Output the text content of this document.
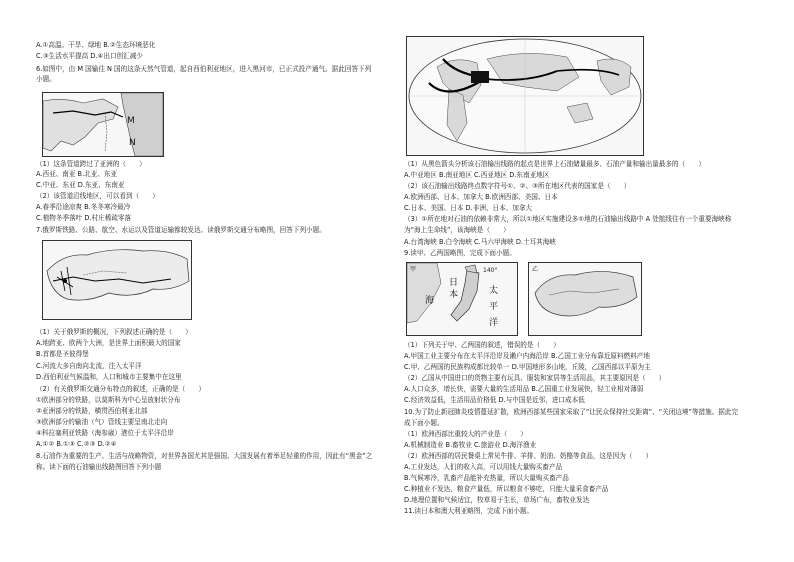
A.①高温、干旱、绿地 B.②生态环境恶化
C.③生活水平提高 D.④出口创汇减少
6.如图中，由 M 国输往 N 国的这条天然气管道，起自西伯利亚地区，进入黑河市，已正式投产通气。据此回答下列
小题。
M
N
（1）这条管道跨过了亚洲的（　　）
A.西亚、南亚 B.北亚、东亚
C.中亚、东亚 D.东亚、东南亚
（2）该管道沿线地区，可以看到（　　）
A.春季沿途凉爽 B.冬冬寒冷最冷
C.植物冬季落叶 D.村庄稀疏零落
7.俄罗斯铁路、公路、航空、水运以及管道运输都较发达。读俄罗斯交通分布略图，回答下列小题。
（1）关于俄罗斯的概况，下列叙述正确的是（　　）
A.地跨亚、欧两个大洲，是世界上面积最大的国家
B.首都是圣彼得堡
C.河流大多自南向北流，注入太平洋
D.西伯利亚气候温和，人口和城市主要集中在这里
（2）有关俄罗斯交通分布特点的叙述，正确的是（　　）
①欧洲部分的铁路，以莫斯科为中心呈放射状分布
②亚洲部分的铁路，横贯西伯利亚北部
③欧洲部分的输油（气）管线主要呈南北走向
④科拉塞利亚铁路（海参崴）港位于太平洋沿岸
A.①② B.①③ C.②③ D.②④
8.石油作为重要的生产、生活与战略物资，对世界各国尤其是强国、大国发展有着举足轻重的作用，因此有“黑金”之
称。读下面的石油输出线路图回答下列小题
（1）从黑色箭头分析该石油输出线路的起点是世界上石油储量最多、石油产量和输出量最多的（　　）
A.中亚地区 B.南亚地区 C.西亚地区 D.东南亚地区
（2）该石油输出线路终点数字符号①、②、③所在地区代表的国家是（　　）
A.欧洲西部、日本、加拿大 B.欧洲西部、美国、日本
C.日本、美国、日本 D.非洲、日本、加拿大
（3）①所在地对石油的依赖非常大，所以①地区实施建设多①地的石油输出线路中 A 处航线往有一个重要海峡称
为“海上生命线”，该海峡是（　　）
A.台湾海峡 B.白令海峡 C.马六甲海峡 D.土耳其海峡
9.读甲、乙两国略图，完成下面小题。
甲	140°
日
本
海
太
平
洋
乙
（1）下列关于甲、乙两国的叙述，错误的是（　　）
A.甲国工业主要分布在太平洋沿岸及濑户内海沿岸 B.乙国工业分布靠近原料燃料产地
C.甲、乙两国的民族构成都比较单一 D.甲国地形多山地，丘陵，乙国西部以平原为主
（2）乙国从中国进口的货物主要有玩具、服装和家居等生活用品，其主要原因是（　　）
A.人口众多，增长快，需要大量的生活用品 B.乙国重工业发展快，轻工业相对薄弱
C.经济效益低，生活用品价格低 D.与中国是近邻，进口成本低
10.为了防止新冠肺炎疫情蔓延扩散，欧洲西部某些国家采取了“让民众保持社交距离”、“关闭边境”等措施。据此完
成下面小题。
（1）欧洲西部比重较大的产业是（　　）
A.机械制造业 B.畜牧业 C.旅游业 D.海洋渔业
（2）欧洲西部的居民餐桌上常见牛排、羊排、奶油、奶酪等食品，这是因为（　　）
A.工业发达，人们的收入高，可以用钱大量购买畜产品
B.气候寒冷，乳畜产品能补充热量，所以大量购买畜产品
C.种植业不发达，粮食产量低，所以粮食不够吃，只能大量采食畜产品
D.地理位置和气候适宜，牧草易于生长，草场广布，畜牧业发达
11.读日本和澳大利亚略图，完成下面小题。
